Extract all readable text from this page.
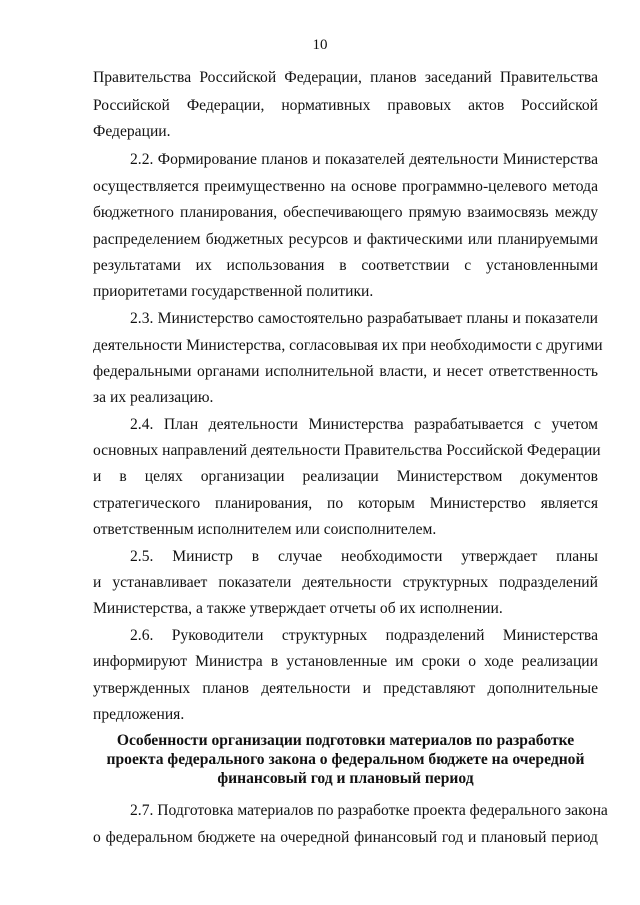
10
Правительства Российской Федерации, планов заседаний Правительства
Российской Федерации, нормативных правовых актов Российской
Федерации.
2.2. Формирование планов и показателей деятельности Министерства
осуществляется преимущественно на основе программно-целевого метода
бюджетного планирования, обеспечивающего прямую взаимосвязь между
распределением бюджетных ресурсов и фактическими или планируемыми
результатами их использования в соответствии с установленными
приоритетами государственной политики.
2.3. Министерство самостоятельно разрабатывает планы и показатели
деятельности Министерства, согласовывая их при необходимости с другими
федеральными органами исполнительной власти, и несет ответственность
за их реализацию.
2.4. План деятельности Министерства разрабатывается с учетом
основных направлений деятельности Правительства Российской Федерации
и в целях организации реализации Министерством документов
стратегического планирования, по которым Министерство является
ответственным исполнителем или соисполнителем.
2.5. Министр в случае необходимости утверждает планы
и устанавливает показатели деятельности структурных подразделений
Министерства, а также утверждает отчеты об их исполнении.
2.6. Руководители структурных подразделений Министерства
информируют Министра в установленные им сроки о ходе реализации
утвержденных планов деятельности и представляют дополнительные
предложения.
Особенности организации подготовки материалов по разработке
проекта федерального закона о федеральном бюджете на очередной
финансовый год и плановый период
2.7. Подготовка материалов по разработке проекта федерального закона
о федеральном бюджете на очередной финансовый год и плановый период
